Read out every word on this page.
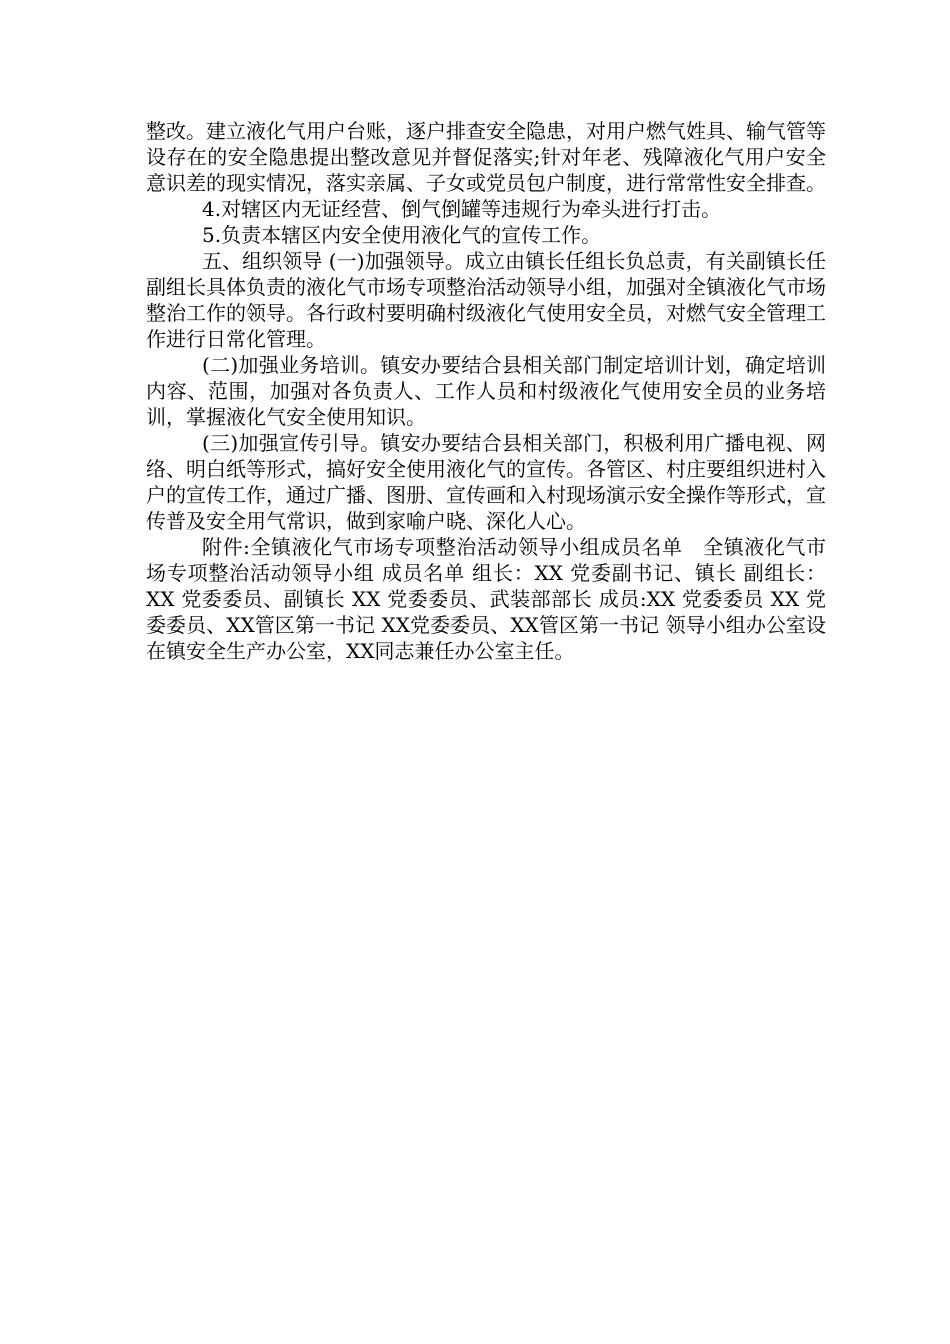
整改。建立液化气用户台账，逐户排查安全隐患，对用户燃气姓具、输气管等设存在的安全隐患提出整改意见并督促落实;针对年老、残障液化气用户安全意识差的现实情况，落实亲属、子女或党员包户制度，进行常常性安全排查。

4.对辖区内无证经营、倒气倒罐等违规行为牵头进行打击。

5.负责本辖区内安全使用液化气的宣传工作。

五、组织领导 (一)加强领导。成立由镇长任组长负总责，有关副镇长任副组长具体负责的液化气市场专项整治活动领导小组，加强对全镇液化气市场整治工作的领导。各行政村要明确村级液化气使用安全员，对燃气安全管理工作进行日常化管理。

(二)加强业务培训。镇安办要结合县相关部门制定培训计划，确定培训内容、范围，加强对各负责人、工作人员和村级液化气使用安全员的业务培训，掌握液化气安全使用知识。

(三)加强宣传引导。镇安办要结合县相关部门，积极利用广播电视、网络、明白纸等形式，搞好安全使用液化气的宣传。各管区、村庄要组织进村入户的宣传工作，通过广播、图册、宣传画和入村现场演示安全操作等形式，宣传普及安全用气常识，做到家喻户晓、深化人心。

附件:全镇液化气市场专项整治活动领导小组成员名单　全镇液化气市场专项整治活动领导小组 成员名单 组长：XX 党委副书记、镇长 副组长：XX 党委委员、副镇长 XX 党委委员、武装部部长 成员:XX 党委委员 XX 党委委员、XX管区第一书记 XX党委委员、XX管区第一书记 领导小组办公室设在镇安全生产办公室，XX同志兼任办公室主任。
